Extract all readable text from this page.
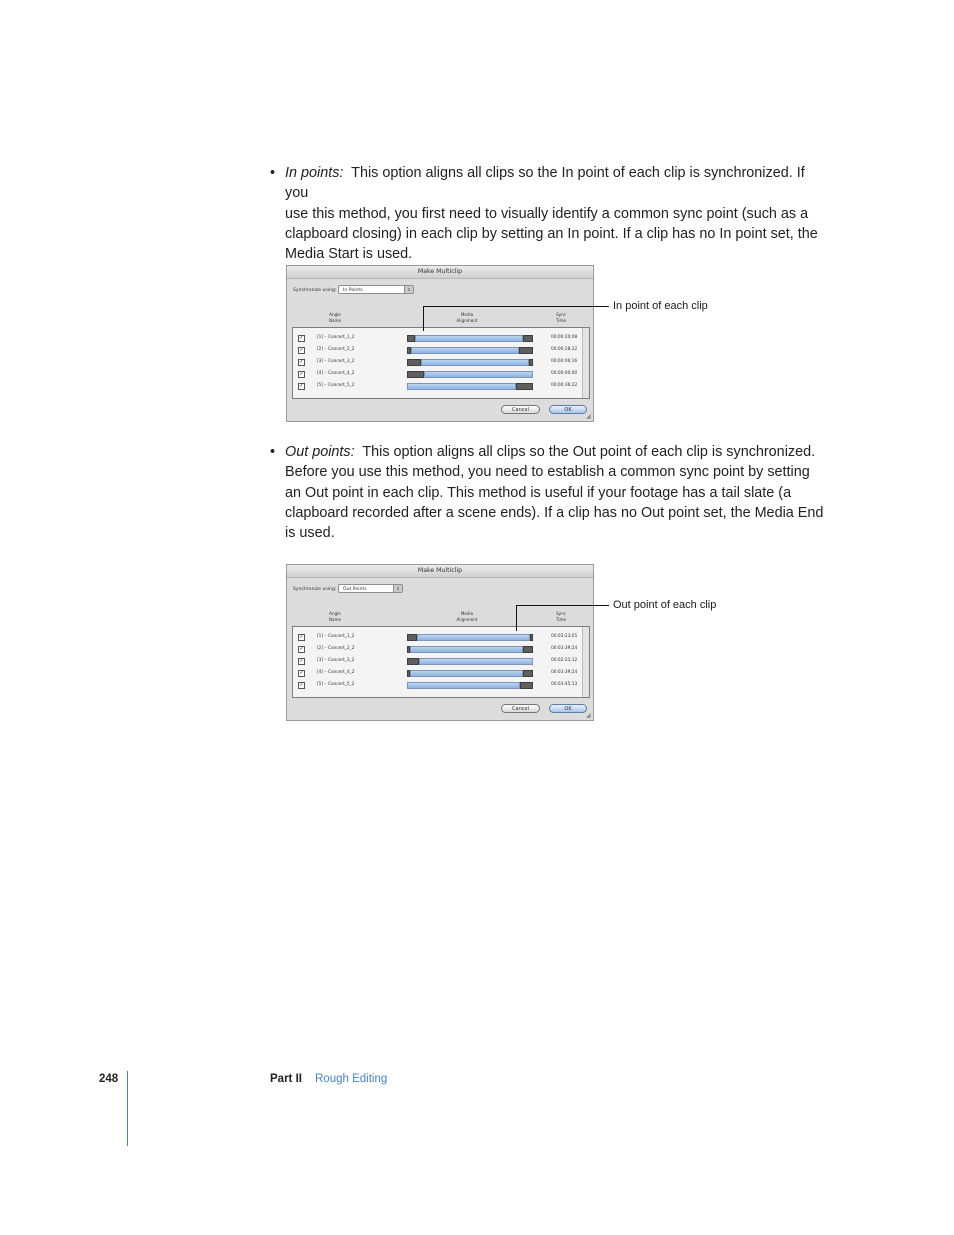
• In points: This option aligns all clips so the In point of each clip is synchronized. If you
use this method, you first need to visually identify a common sync point (such as a
clapboard closing) in each clip by setting an In point. If a clip has no In point set, the
Media Start is used.
Make Multiclip
Synchronize using:	In Points	⇕
Angle
Name
Media
Alignment
Sync
Time
✓	[1] – Concert_1_2	00:00:20;08
✓	[2] – Concert_2_2	00:00:28;22
✓	[3] – Concert_3_2	00:00:06;16
✓	[4] – Concert_4_2	00:00:00;00
✓	[5] – Concert_5_2	00:00:36;22
Cancel	OK
◢
In point of each clip
• Out points: This option aligns all clips so the Out point of each clip is synchronized.
Before you use this method, you need to establish a common sync point by setting
an Out point in each clip. This method is useful if your footage has a tail slate (a
clapboard recorded after a scene ends). If a clip has no Out point set, the Media End
is used.
Make Multiclip
Synchronize using:	Out Points	⇕
Angle
Name
Media
Alignment
Sync
Time
✓	[1] – Concert_1_2	00:03:23;05
✓	[2] – Concert_2_2	00:03:39;24
✓	[3] – Concert_3_2	00:02:21;12
✓	[4] – Concert_4_2	00:03:39;24
✓	[5] – Concert_5_2	00:03:45;13
Cancel	OK
◢
Out point of each clip
248	Part II Rough Editing
